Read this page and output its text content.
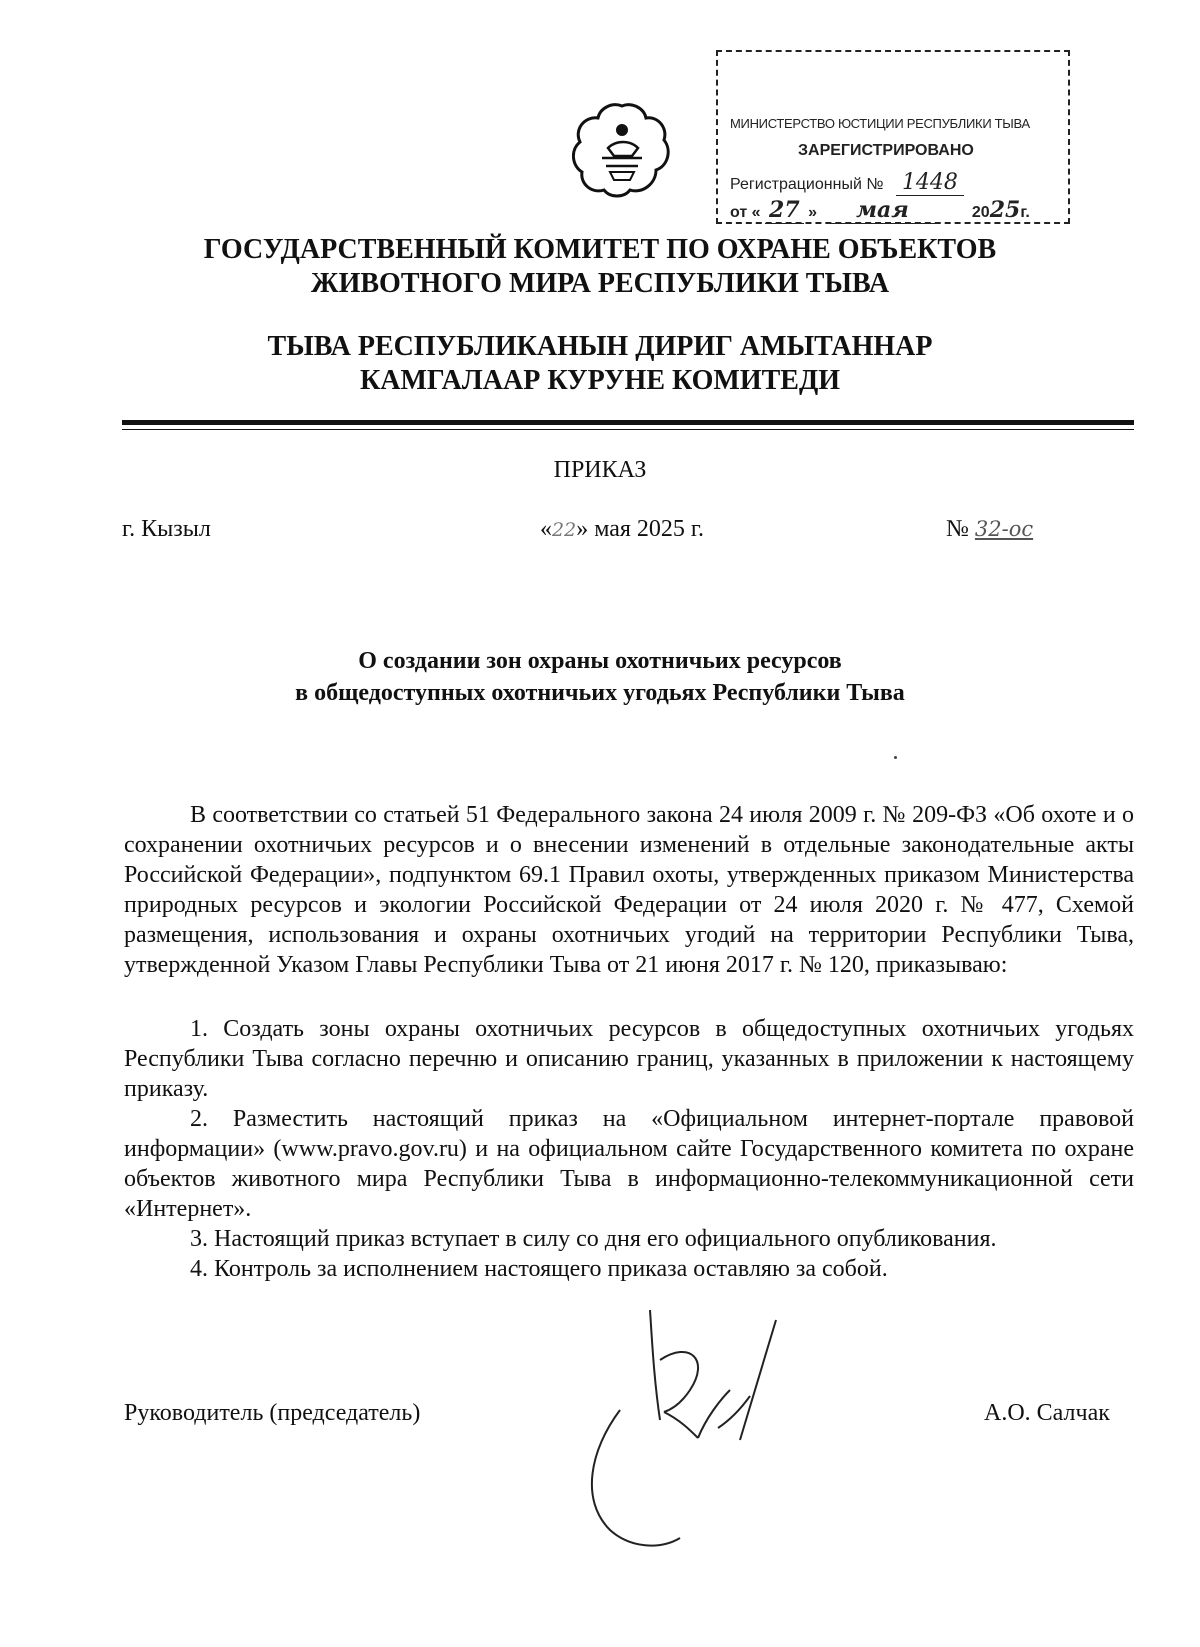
МИНИСТЕРСТВО ЮСТИЦИИ РЕСПУБЛИКИ ТЫВА
ЗАРЕГИСТРИРОВАНО
Регистрационный № 1448
от « 27 » мая	2025г.
ГОСУДАРСТВЕННЫЙ КОМИТЕТ ПО ОХРАНЕ ОБЪЕКТОВ
ЖИВОТНОГО МИРА РЕСПУБЛИКИ ТЫВА
ТЫВА РЕСПУБЛИКАНЫН ДИРИГ АМЫТАННАР
КАМГАЛААР КУРУНЕ КОМИТЕДИ
ПРИКАЗ
г. Кызыл	«22» мая 2025 г.	№ 32-ос
О создании зон охраны охотничьих ресурсов
в общедоступных охотничьих угодьях Республики Тыва

В соответствии со статьей 51 Федерального закона 24 июля 2009 г. № 209-ФЗ «Об охоте и о сохранении охотничьих ресурсов и о внесении изменений в отдельные законодательные акты Российской Федерации», подпунктом 69.1 Правил охоты, утвержденных приказом Министерства природных ресурсов и экологии Российской Федерации от 24 июля 2020 г. № 477, Схемой размещения, использования и охраны охотничьих угодий на территории Республики Тыва, утвержденной Указом Главы Республики Тыва от 21 июня 2017 г. № 120, приказываю:

1. Создать зоны охраны охотничьих ресурсов в общедоступных охотничьих угодьях Республики Тыва согласно перечню и описанию границ, указанных в приложении к настоящему приказу.
2. Разместить настоящий приказ на «Официальном интернет-портале правовой информации» (www.pravo.gov.ru) и на официальном сайте Государственного комитета по охране объектов животного мира Республики Тыва в информационно-телекоммуникационной сети «Интернет».
3. Настоящий приказ вступает в силу со дня его официального опубликования.
4. Контроль за исполнением настоящего приказа оставляю за собой.
Руководитель (председатель)	А.О. Салчак
